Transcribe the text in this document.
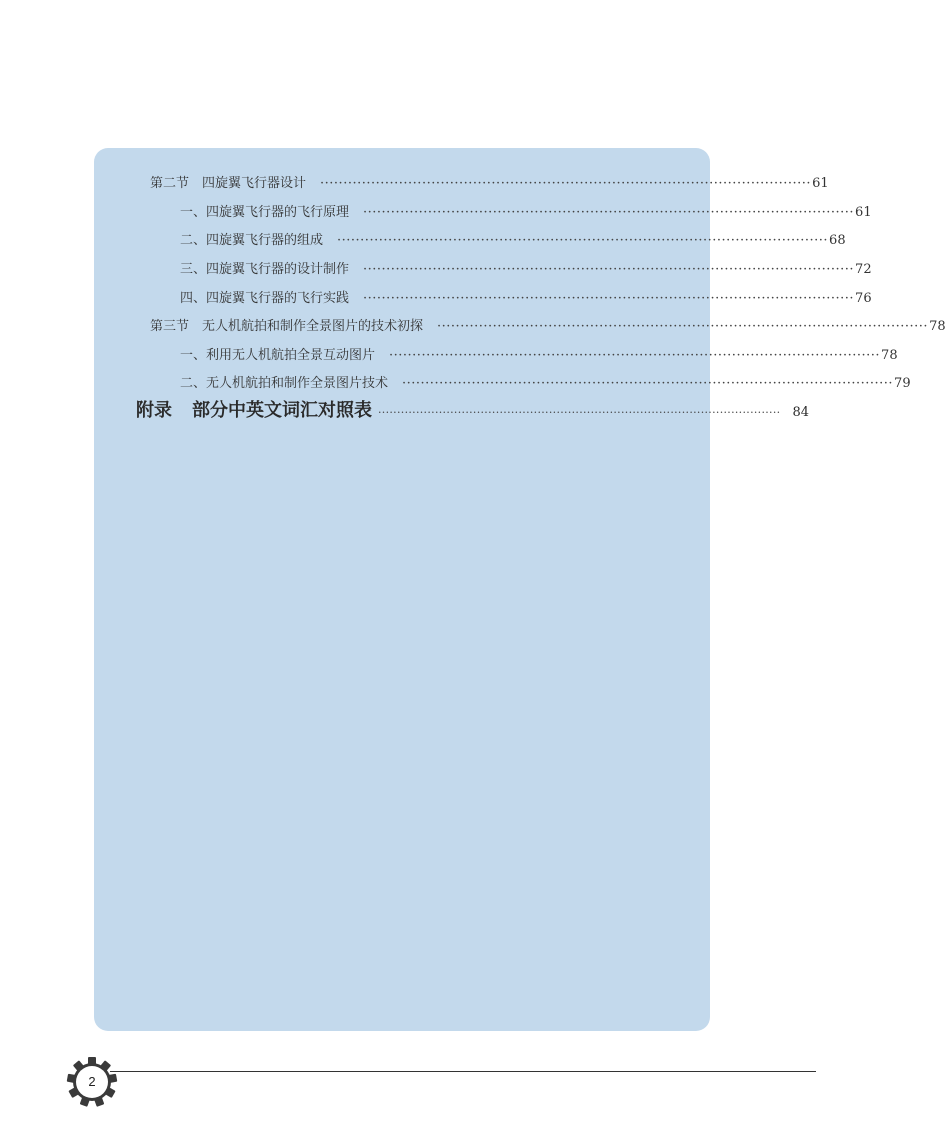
第二节 四旋翼飞行器设计	·········································································································· 61
一、四旋翼飞行器的飞行原理	·········································································································· 61
二、四旋翼飞行器的组成	·········································································································· 68
三、四旋翼飞行器的设计制作	·········································································································· 72
四、四旋翼飞行器的飞行实践	·········································································································· 76
第三节 无人机航拍和制作全景图片的技术初探	·········································································································· 78
一、利用无人机航拍全景互动图片	·········································································································· 78
二、无人机航拍和制作全景图片技术	·········································································································· 79
附录 部分中英文词汇对照表 ·········································································································· 84
2
